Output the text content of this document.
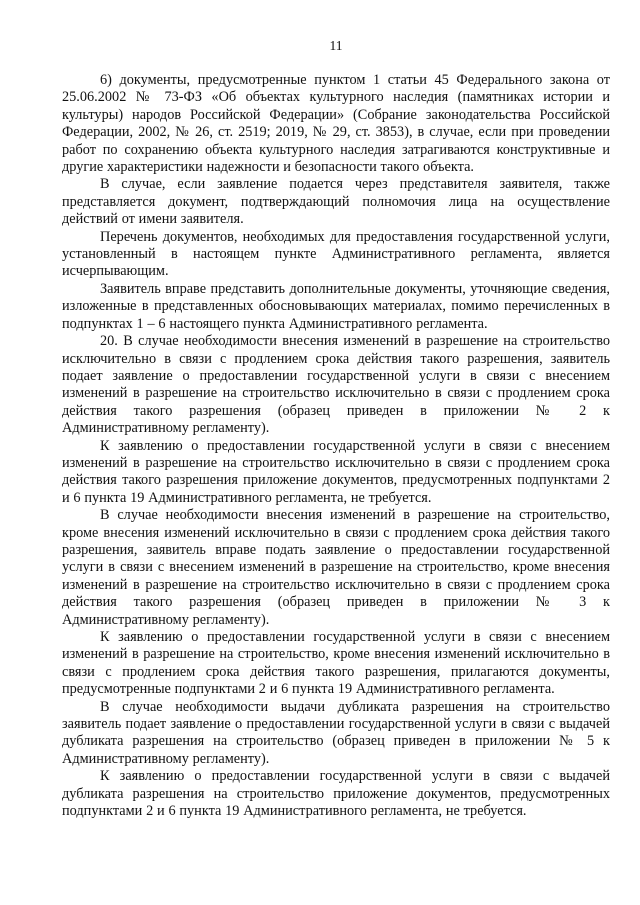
11

6) документы, предусмотренные пунктом 1 статьи 45 Федерального закона от 25.06.2002 № 73-ФЗ «Об объектах культурного наследия (памятниках истории и культуры) народов Российской Федерации» (Собрание законодательства Российской Федерации, 2002, № 26, ст. 2519; 2019, № 29, ст. 3853), в случае, если при проведении работ по сохранению объекта культурного наследия затрагиваются конструктивные и другие характеристики надежности и безопасности такого объекта.

В случае, если заявление подается через представителя заявителя, также представляется документ, подтверждающий полномочия лица на осуществление действий от имени заявителя.

Перечень документов, необходимых для предоставления государственной услуги, установленный в настоящем пункте Административного регламента, является исчерпывающим.

Заявитель вправе представить дополнительные документы, уточняющие сведения, изложенные в представленных обосновывающих материалах, помимо перечисленных в подпунктах 1 – 6 настоящего пункта Административного регламента.

20. В случае необходимости внесения изменений в разрешение на строительство исключительно в связи с продлением срока действия такого разрешения, заявитель подает заявление о предоставлении государственной услуги в связи с внесением изменений в разрешение на строительство исключительно в связи с продлением срока действия такого разрешения (образец приведен в приложении № 2 к Административному регламенту).

К заявлению о предоставлении государственной услуги в связи с внесением изменений в разрешение на строительство исключительно в связи с продлением срока действия такого разрешения приложение документов, предусмотренных подпунктами 2 и 6 пункта 19 Административного регламента, не требуется.

В случае необходимости внесения изменений в разрешение на строительство, кроме внесения изменений исключительно в связи с продлением срока действия такого разрешения, заявитель вправе подать заявление о предоставлении государственной услуги в связи с внесением изменений в разрешение на строительство, кроме внесения изменений в разрешение на строительство исключительно в связи с продлением срока действия такого разрешения (образец приведен в приложении № 3 к Административному регламенту).

К заявлению о предоставлении государственной услуги в связи с внесением изменений в разрешение на строительство, кроме внесения изменений исключительно в связи с продлением срока действия такого разрешения, прилагаются документы, предусмотренные подпунктами 2 и 6 пункта 19 Административного регламента.

В случае необходимости выдачи дубликата разрешения на строительство заявитель подает заявление о предоставлении государственной услуги в связи с выдачей дубликата разрешения на строительство (образец приведен в приложении № 5 к Административному регламенту).

К заявлению о предоставлении государственной услуги в связи с выдачей дубликата разрешения на строительство приложение документов, предусмотренных подпунктами 2 и 6 пункта 19 Административного регламента, не требуется.
